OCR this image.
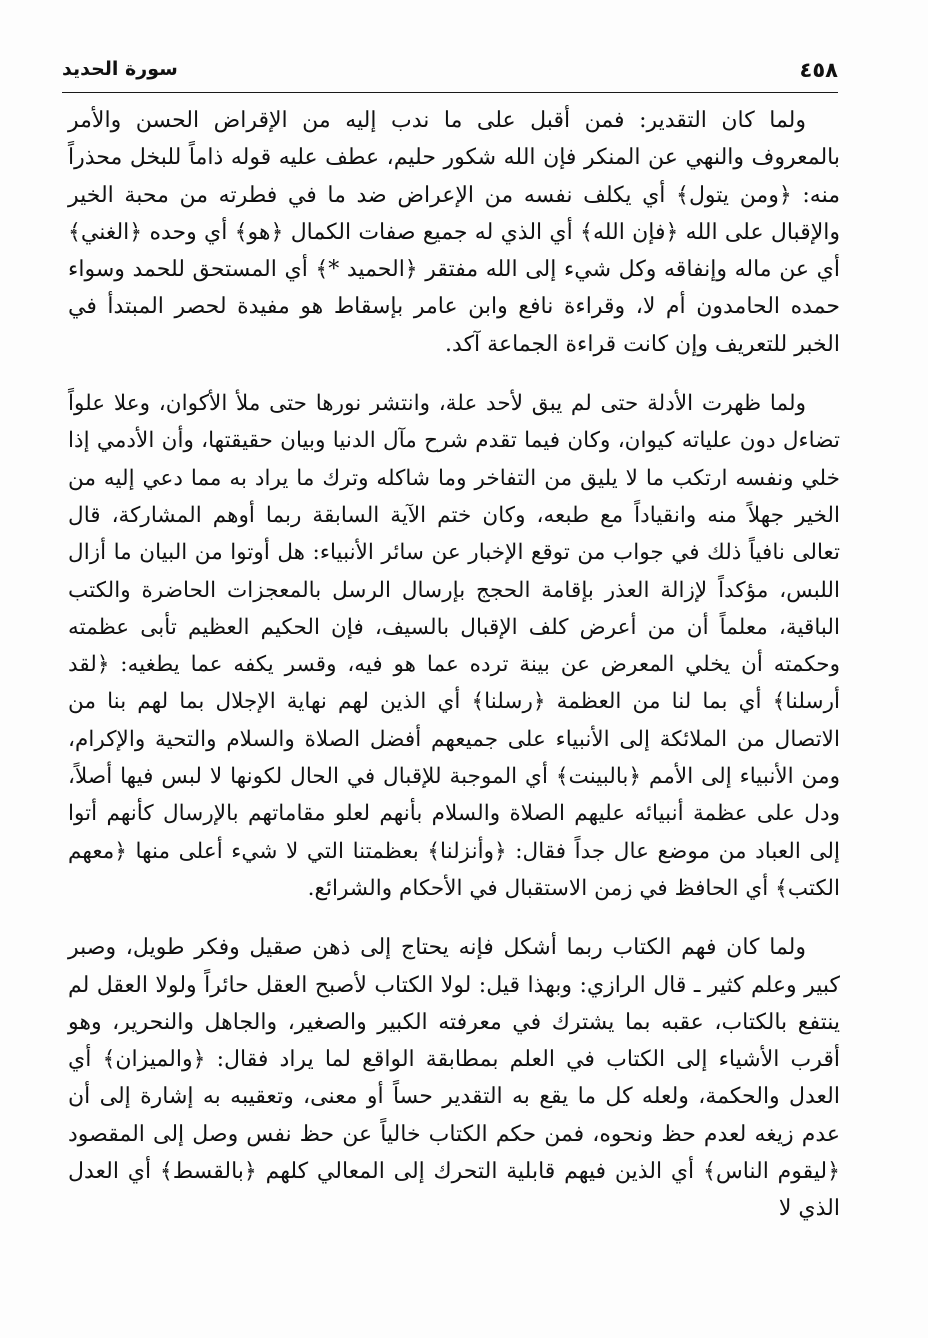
سورة الحديد	٤٥٨

ولما كان التقدير: فمن أقبل على ما ندب إليه من الإقراض الحسن والأمر بالمعروف والنهي عن المنكر فإن الله شكور حليم، عطف عليه قوله ذاماً للبخل محذراً منه: ﴿ومن يتول﴾ أي يكلف نفسه من الإعراض ضد ما في فطرته من محبة الخير والإقبال على الله ﴿فإن الله﴾ أي الذي له جميع صفات الكمال ﴿هو﴾ أي وحده ﴿الغني﴾ أي عن ماله وإنفاقه وكل شيء إلى الله مفتقر ﴿الحميد *﴾ أي المستحق للحمد وسواء حمده الحامدون أم لا، وقراءة نافع وابن عامر بإسقاط هو مفيدة لحصر المبتدأ في الخبر للتعريف وإن كانت قراءة الجماعة آكد.

ولما ظهرت الأدلة حتى لم يبق لأحد علة، وانتشر نورها حتى ملأ الأكوان، وعلا علواً تضاءل دون علياته كيوان، وكان فيما تقدم شرح مآل الدنيا وبيان حقيقتها، وأن الأدمي إذا خلي ونفسه ارتكب ما لا يليق من التفاخر وما شاكله وترك ما يراد به مما دعي إليه من الخير جهلاً منه وانقياداً مع طبعه، وكان ختم الآية السابقة ربما أوهم المشاركة، قال تعالى نافياً ذلك في جواب من توقع الإخبار عن سائر الأنبياء: هل أوتوا من البيان ما أزال اللبس، مؤكداً لإزالة العذر بإقامة الحجج بإرسال الرسل بالمعجزات الحاضرة والكتب الباقية، معلماً أن من أعرض كلف الإقبال بالسيف، فإن الحكيم العظيم تأبى عظمته وحكمته أن يخلي المعرض عن بينة ترده عما هو فيه، وقسر يكفه عما يطغيه: ﴿لقد أرسلنا﴾ أي بما لنا من العظمة ﴿رسلنا﴾ أي الذين لهم نهاية الإجلال بما لهم بنا من الاتصال من الملائكة إلى الأنبياء على جميعهم أفضل الصلاة والسلام والتحية والإكرام، ومن الأنبياء إلى الأمم ﴿بالبينت﴾ أي الموجبة للإقبال في الحال لكونها لا لبس فيها أصلاً، ودل على عظمة أنبيائه عليهم الصلاة والسلام بأنهم لعلو مقاماتهم بالإرسال كأنهم أتوا إلى العباد من موضع عال جداً فقال: ﴿وأنزلنا﴾ بعظمتنا التي لا شيء أعلى منها ﴿معهم الكتب﴾ أي الحافظ في زمن الاستقبال في الأحكام والشرائع.

ولما كان فهم الكتاب ربما أشكل فإنه يحتاج إلى ذهن صقيل وفكر طويل، وصبر كبير وعلم كثير ـ قال الرازي: وبهذا قيل: لولا الكتاب لأصبح العقل حائراً ولولا العقل لم ينتفع بالكتاب، عقبه بما يشترك في معرفته الكبير والصغير، والجاهل والنحرير، وهو أقرب الأشياء إلى الكتاب في العلم بمطابقة الواقع لما يراد فقال: ﴿والميزان﴾ أي العدل والحكمة، ولعله كل ما يقع به التقدير حساً أو معنى، وتعقيبه به إشارة إلى أن عدم زيغه لعدم حظ ونحوه، فمن حكم الكتاب خالياً عن حظ نفس وصل إلى المقصود ﴿ليقوم الناس﴾ أي الذين فيهم قابلية التحرك إلى المعالي كلهم ﴿بالقسط﴾ أي العدل الذي لا
